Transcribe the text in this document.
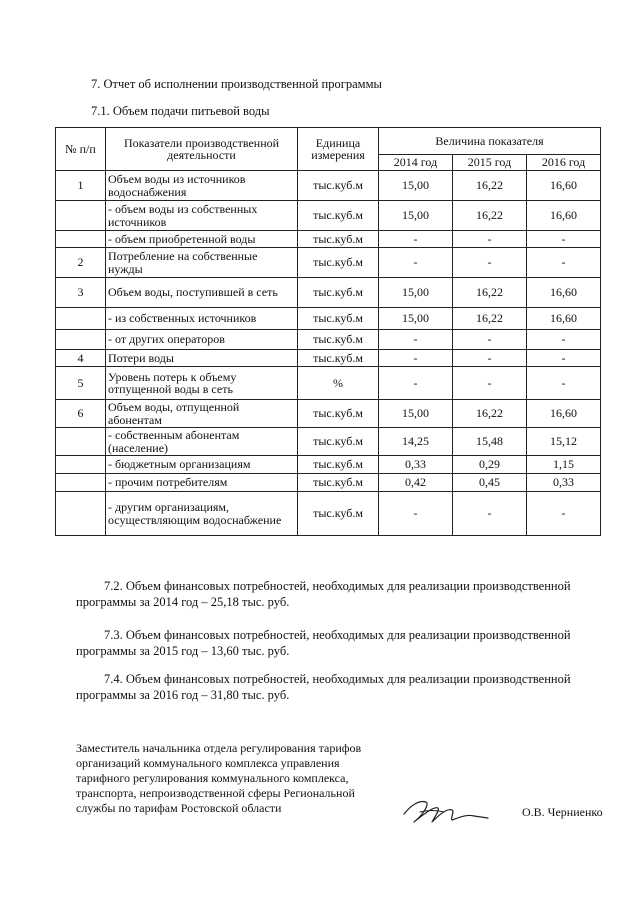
7. Отчет об исполнении производственной программы
7.1. Объем подачи питьевой воды
№ п/п	Показатели производственной деятельности	Единица измерения	Величина показателя		
			2014 год	2015 год	2016 год
1	Объем воды из источников водоснабжения	тыс.куб.м	15,00	16,22	16,60
	- объем воды из собственных источников	тыс.куб.м	15,00	16,22	16,60
	- объем приобретенной воды	тыс.куб.м	-	-	-
2	Потребление на собственные нужды	тыс.куб.м	-	-	-
3	Объем воды, поступившей в сеть	тыс.куб.м	15,00	16,22	16,60
	- из собственных источников	тыс.куб.м	15,00	16,22	16,60
	- от других операторов	тыс.куб.м	-	-	-
4	Потери воды	тыс.куб.м	-	-	-
5	Уровень потерь к объему отпущенной воды в сеть	%	-	-	-
6	Объем воды, отпущенной абонентам	тыс.куб.м	15,00	16,22	16,60
	- собственным абонентам (население)	тыс.куб.м	14,25	15,48	15,12
	- бюджетным организациям	тыс.куб.м	0,33	0,29	1,15
	- прочим потребителям	тыс.куб.м	0,42	0,45	0,33
	- другим организациям, осуществляющим водоснабжение	тыс.куб.м	-	-	-
7.2. Объем финансовых потребностей, необходимых для реализации производственной
программы за 2014 год – 25,18 тыс. руб.
7.3. Объем финансовых потребностей, необходимых для реализации производственной
программы за 2015 год – 13,60 тыс. руб.
7.4. Объем финансовых потребностей, необходимых для реализации производственной
программы за 2016 год – 31,80 тыс. руб.
Заместитель начальника отдела регулирования тарифов
организаций коммунального комплекса управления
тарифного регулирования коммунального комплекса,
транспорта, непроизводственной сферы Региональной
службы по тарифам Ростовской области	О.В. Черниенко
